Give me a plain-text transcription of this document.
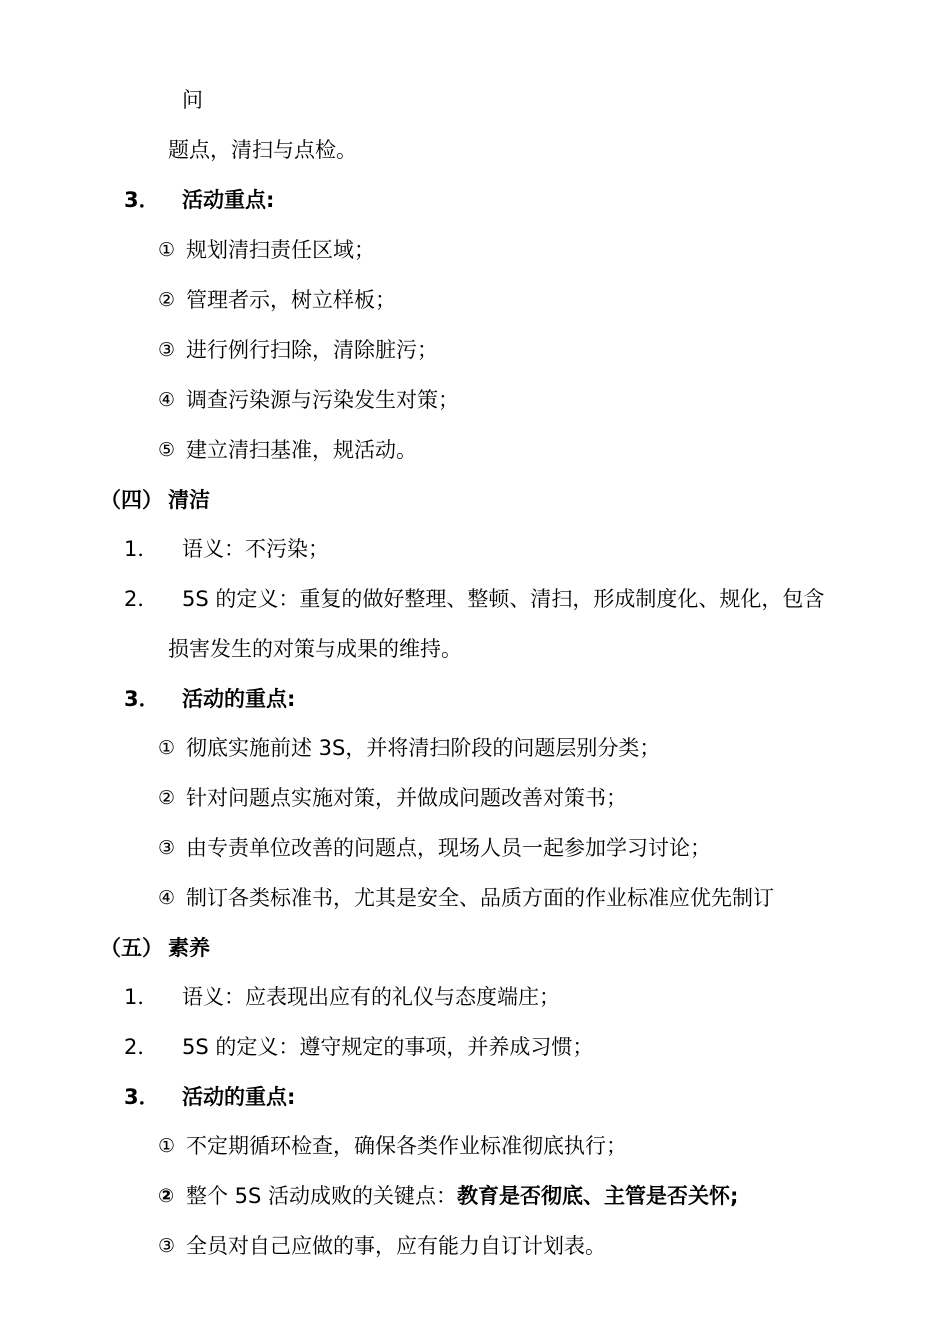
问
题点，清扫与点检。
3． 活动重点:
① 规划清扫责任区域；
② 管理者示，树立样板；
③ 进行例行扫除，清除脏污；
④ 调查污染源与污染发生对策；
⑤ 建立清扫基准，规活动。
（四） 清洁
1． 语义：不污染；
2． 5S 的定义：重复的做好整理、整顿、清扫，形成制度化、规化，包含
损害发生的对策与成果的维持。
3． 活动的重点:
① 彻底实施前述 3S，并将清扫阶段的问题层别分类；
② 针对问题点实施对策，并做成问题改善对策书；
③ 由专责单位改善的问题点，现场人员一起参加学习讨论；
④ 制订各类标准书，尤其是安全、品质方面的作业标准应优先制订
（五） 素养
1． 语义：应表现出应有的礼仪与态度端庄；
2． 5S 的定义：遵守规定的事项，并养成习惯；
3． 活动的重点:
① 不定期循环检查，确保各类作业标准彻底执行；
② 整个 5S 活动成败的关键点：教育是否彻底、主管是否关怀;
③ 全员对自己应做的事，应有能力自订计划表。
